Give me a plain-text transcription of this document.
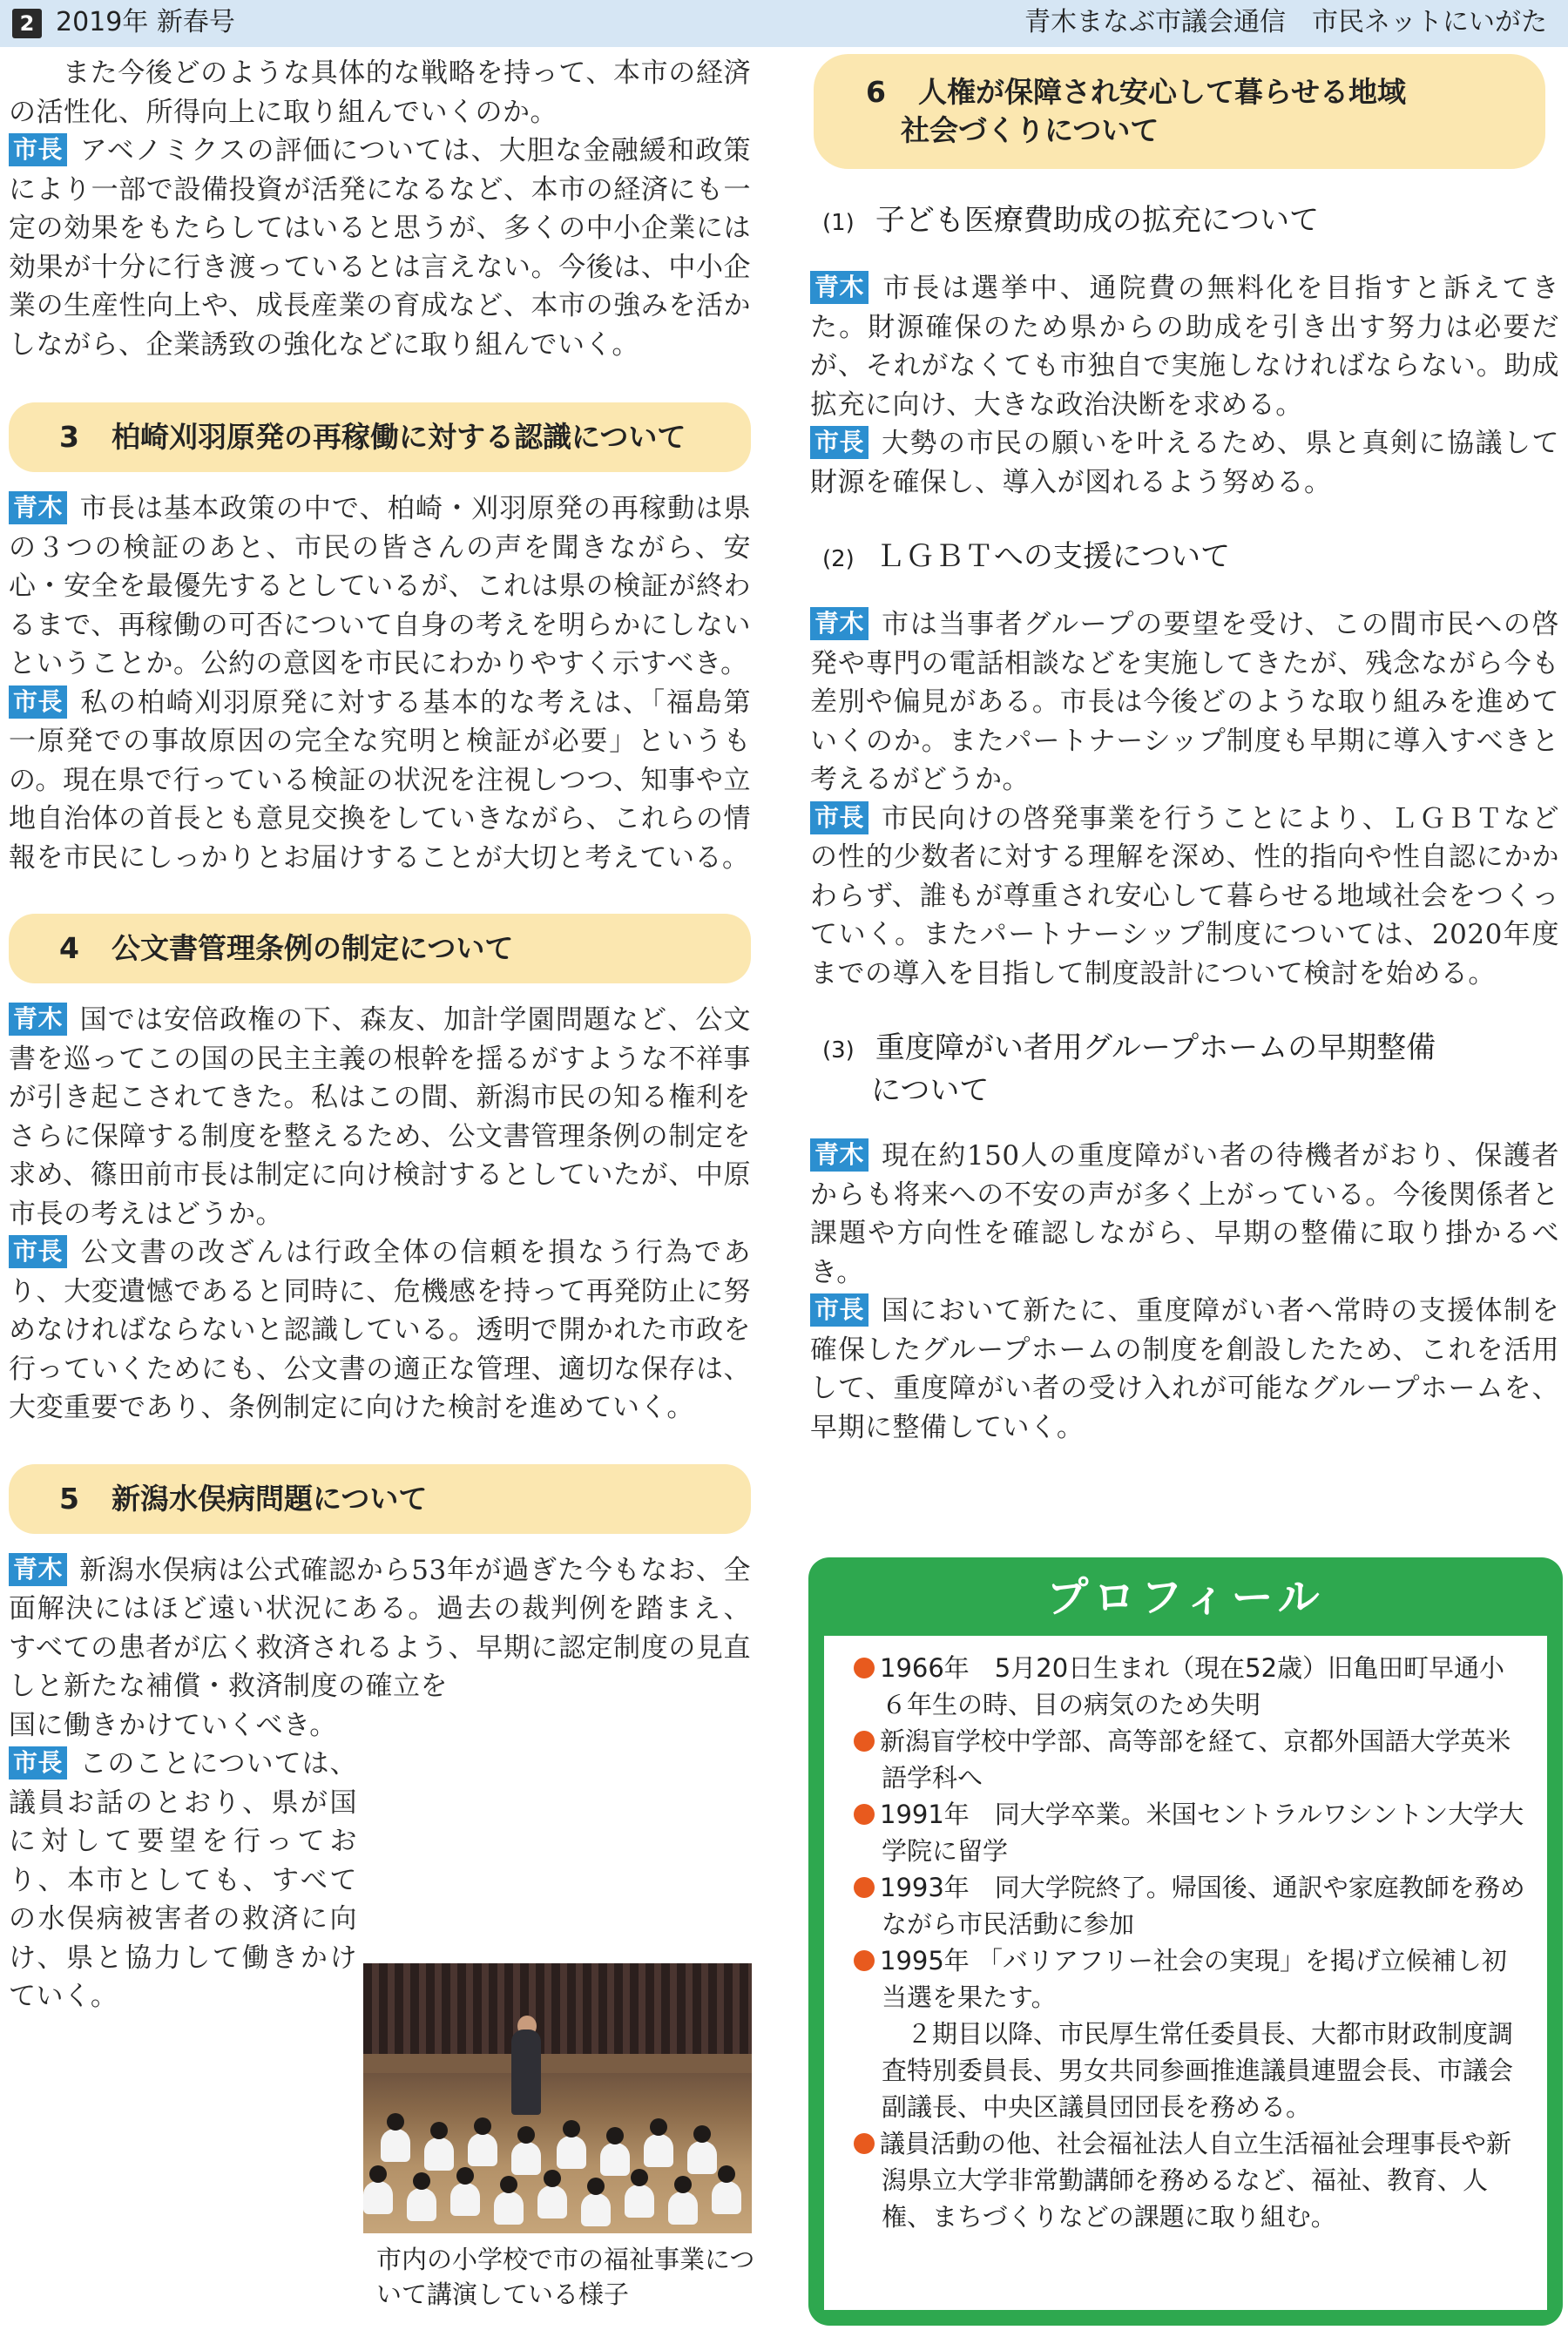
2 2019年 新春号	青木まなぶ市議会通信　市民ネットにいがた

また今後どのような具体的な戦略を持って、本市の経済の活性化、所得向上に取り組んでいくのか。

市長 アベノミクスの評価については、大胆な金融緩和政策により一部で設備投資が活発になるなど、本市の経済にも一定の効果をもたらしてはいると思うが、多くの中小企業には効果が十分に行き渡っているとは言えない。今後は、中小企業の生産性向上や、成長産業の育成など、本市の強みを活かしながら、企業誘致の強化などに取り組んでいく。

3 柏崎刈羽原発の再稼働に対する認識について

青木 市長は基本政策の中で、柏崎・刈羽原発の再稼動は県の３つの検証のあと、市民の皆さんの声を聞きながら、安心・安全を最優先するとしているが、これは県の検証が終わるまで、再稼働の可否について自身の考えを明らかにしないということか。公約の意図を市民にわかりやすく示すべき。

市長 私の柏崎刈羽原発に対する基本的な考えは、「福島第一原発での事故原因の完全な究明と検証が必要」というもの。現在県で行っている検証の状況を注視しつつ、知事や立地自治体の首長とも意見交換をしていきながら、これらの情報を市民にしっかりとお届けすることが大切と考えている。

4 公文書管理条例の制定について

青木 国では安倍政権の下、森友、加計学園問題など、公文書を巡ってこの国の民主主義の根幹を揺るがすような不祥事が引き起こされてきた。私はこの間、新潟市民の知る権利をさらに保障する制度を整えるため、公文書管理条例の制定を求め、篠田前市長は制定に向け検討するとしていたが、中原市長の考えはどうか。

市長 公文書の改ざんは行政全体の信頼を損なう行為であり、大変遺憾であると同時に、危機感を持って再発防止に努めなければならないと認識している。透明で開かれた市政を行っていくためにも、公文書の適正な管理、適切な保存は、大変重要であり、条例制定に向けた検討を進めていく。

5 新潟水俣病問題について

青木 新潟水俣病は公式確認から53年が過ぎた今もなお、全面解決にはほど遠い状況にある。過去の裁判例を踏まえ、すべての患者が広く救済されるよう、早期に認定制度の見直しと新たな補償・救済制度の確立を

国に働きかけていくべき。

市長 このことについては、議員お話のとおり、県が国に対して要望を行っており、本市としても、すべての水俣病被害者の救済に向け、県と協力して働きかけていく。

市内の小学校で市の福祉事業について講演している様子
6 人権が保障され安心して暮らせる地域
社会づくりについて
(1) 子ども医療費助成の拡充について

青木 市長は選挙中、通院費の無料化を目指すと訴えてきた。財源確保のため県からの助成を引き出す努力は必要だが、それがなくても市独自で実施しなければならない。助成拡充に向け、大きな政治決断を求める。

市長 大勢の市民の願いを叶えるため、県と真剣に協議して財源を確保し、導入が図れるよう努める。

(2) ＬＧＢＴへの支援について

青木 市は当事者グループの要望を受け、この間市民への啓発や専門の電話相談などを実施してきたが、残念ながら今も差別や偏見がある。市長は今後どのような取り組みを進めていくのか。またパートナーシップ制度も早期に導入すべきと考えるがどうか。

市長 市民向けの啓発事業を行うことにより、ＬＧＢＴなどの性的少数者に対する理解を深め、性的指向や性自認にかかわらず、誰もが尊重され安心して暮らせる地域社会をつくっていく。またパートナーシップ制度については、2020年度までの導入を目指して制度設計について検討を始める。

(3) 重度障がい者用グループホームの早期整備
について

青木 現在約150人の重度障がい者の待機者がおり、保護者からも将来への不安の声が多く上がっている。今後関係者と課題や方向性を確認しながら、早期の整備に取り掛かるべき。

市長 国において新たに、重度障がい者へ常時の支援体制を確保したグループホームの制度を創設したため、これを活用して、重度障がい者の受け入れが可能なグループホームを、早期に整備していく。

プロフィール

1966年　5月20日生まれ（現在52歳）旧亀田町早通小６年生の時、目の病気のため失明

新潟盲学校中学部、高等部を経て、京都外国語大学英米語学科へ

1991年　同大学卒業。米国セントラルワシントン大学大学院に留学

1993年　同大学院終了。帰国後、通訳や家庭教師を務めながら市民活動に参加

1995年 「バリアフリー社会の実現」を掲げ立候補し初当選を果たす。

２期目以降、市民厚生常任委員長、大都市財政制度調査特別委員長、男女共同参画推進議員連盟会長、市議会副議長、中央区議員団団長を務める。

議員活動の他、社会福祉法人自立生活福祉会理事長や新潟県立大学非常勤講師を務めるなど、福祉、教育、人権、まちづくりなどの課題に取り組む。
